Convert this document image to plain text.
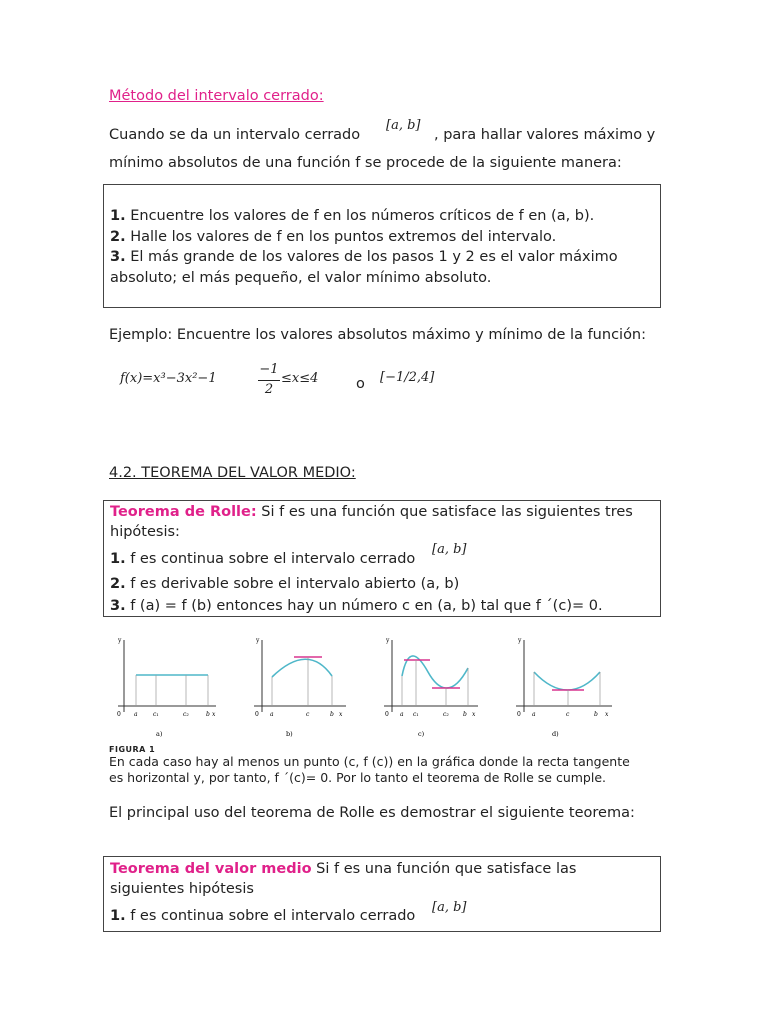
Método del intervalo cerrado:
Cuando se da un intervalo cerrado
[a, b]
, para hallar valores máximo y
mínimo absolutos de una función f se procede de la siguiente manera:
1. Encuentre los valores de f en los números críticos de f en (a, b).
2. Halle los valores de f en los puntos extremos del intervalo.
3. El más grande de los valores de los pasos 1 y 2 es el valor máximo
absoluto; el más pequeño, el valor mínimo absoluto.
Ejemplo: Encuentre los valores absolutos máximo y mínimo de la función:
f(x)=x³−3x²−1
−1
2
≤x≤4	o [−1/2,4]
4.2. TEOREMA DEL VALOR MEDIO:
Teorema de Rolle: Si f es una función que satisface las siguientes tres
hipótesis:
1. f es continua sobre el intervalo cerrado
[a, b]
2. f es derivable sobre el intervalo abierto (a, b)
3. f (a) = f (b) entonces hay un número c en (a, b) tal que f ´(c)= 0.
y
0 a	c₁	c₂	b x
a)
y
0 a	c	b x
b)
y
0 a c₁	c₂ b x
c)
y
0 a	c	b x
d)
FIGURA 1
En cada caso hay al menos un punto (c, f (c)) en la gráfica donde la recta tangente
es horizontal y, por tanto, f ´(c)= 0. Por lo tanto el teorema de Rolle se cumple.
El principal uso del teorema de Rolle es demostrar el siguiente teorema:
Teorema del valor medio Si f es una función que satisface las
siguientes hipótesis
1. f es continua sobre el intervalo cerrado
[a, b]
